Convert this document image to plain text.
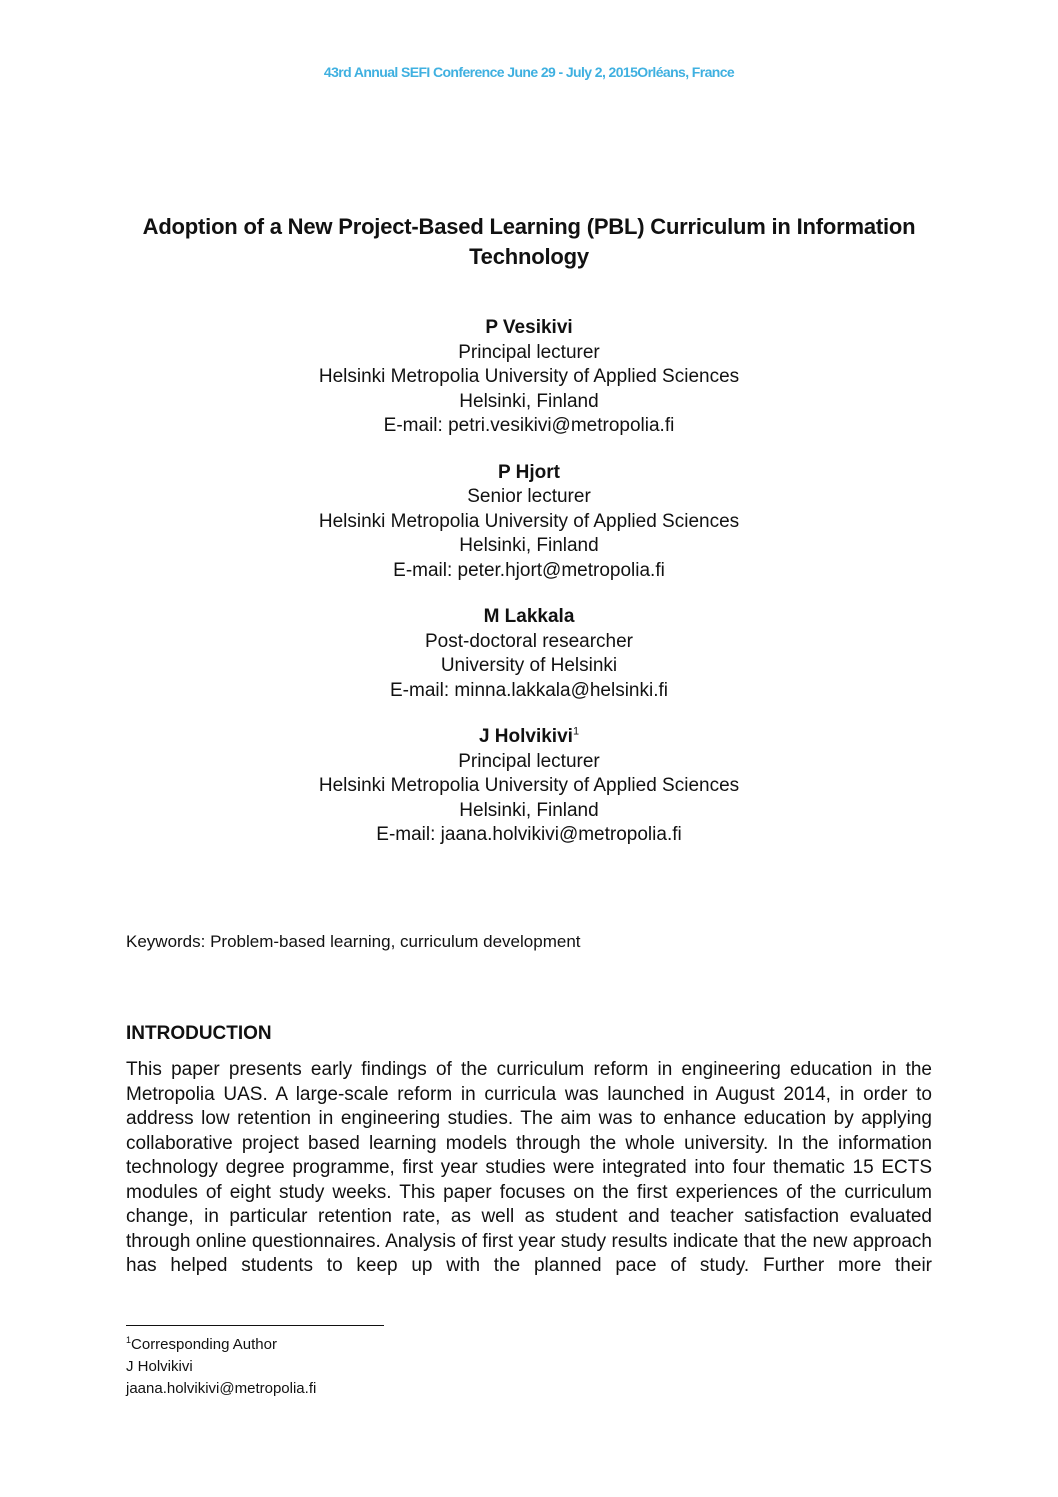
43rd Annual SEFI Conference June 29 - July 2, 2015Orléans, France
Adoption of a New Project-Based Learning (PBL) Curriculum in Information Technology
P Vesikivi
Principal lecturer
Helsinki Metropolia University of Applied Sciences
Helsinki, Finland
E-mail: petri.vesikivi@metropolia.fi
P Hjort
Senior lecturer
Helsinki Metropolia University of Applied Sciences
Helsinki, Finland
E-mail: peter.hjort@metropolia.fi
M Lakkala
Post-doctoral researcher
University of Helsinki
E-mail: minna.lakkala@helsinki.fi
J Holvikivi$^1$
Principal lecturer
Helsinki Metropolia University of Applied Sciences
Helsinki, Finland
E-mail: jaana.holvikivi@metropolia.fi
Keywords: Problem-based learning, curriculum development
INTRODUCTION
This paper presents early findings of the curriculum reform in engineering education in the Metropolia UAS. A large-scale reform in curricula was launched in August 2014, in order to address low retention in engineering studies. The aim was to enhance education by applying collaborative project based learning models through the whole university. In the information technology degree programme, first year studies were integrated into four thematic 15 ECTS modules of eight study weeks. This paper focuses on the first experiences of the curriculum change, in particular retention rate, as well as student and teacher satisfaction evaluated through online questionnaires. Analysis of first year study results indicate that the new approach has helped students to keep up with the planned pace of study. Further more their
$^1$Corresponding Author
J Holvikivi
jaana.holvikivi@metropolia.fi
